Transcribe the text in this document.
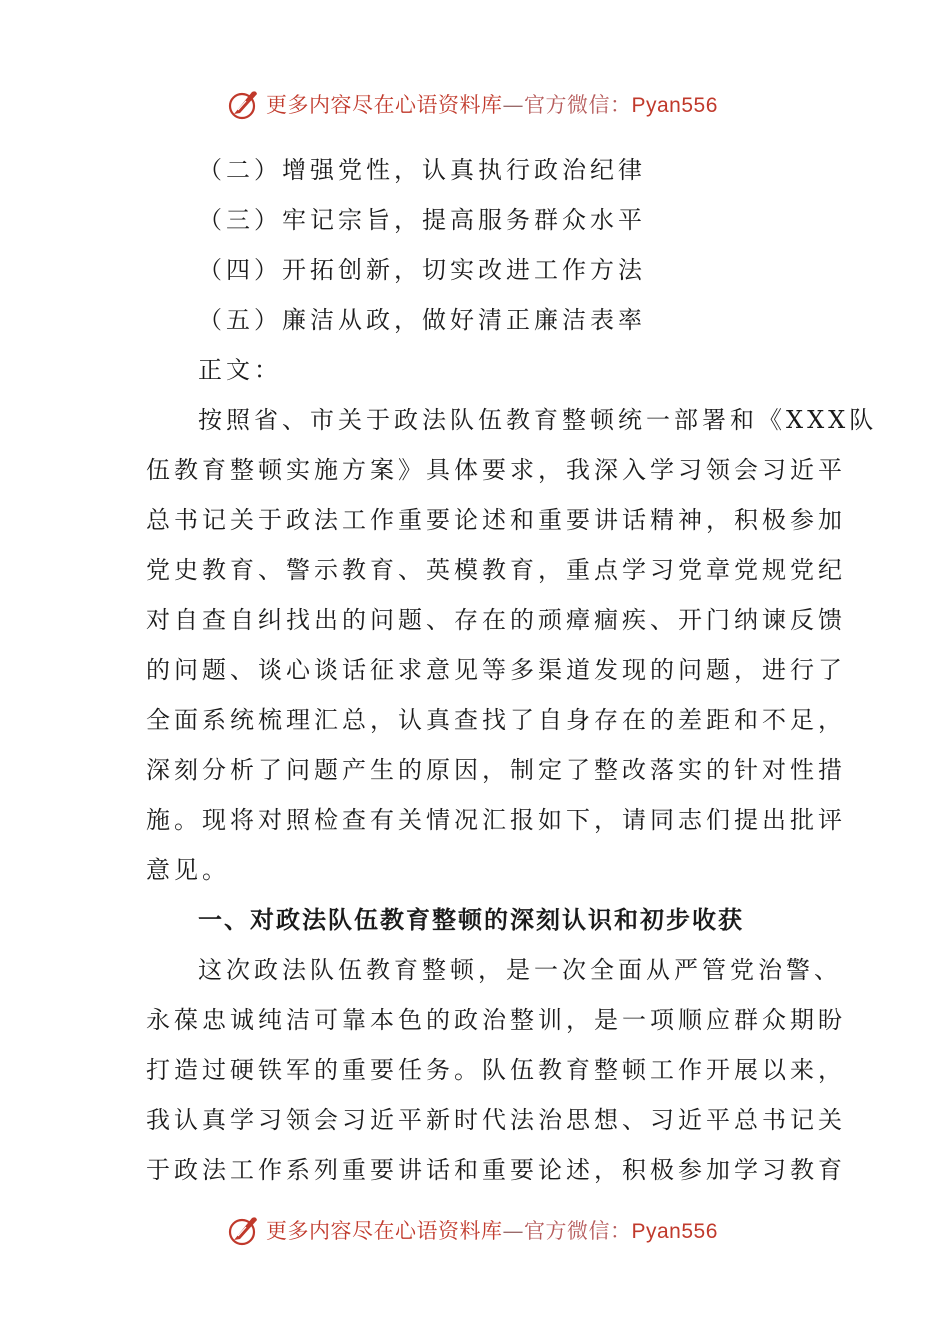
更多内容尽在心语资料库—官方微信：Pyan556
（二）增强党性，认真执行政治纪律
（三）牢记宗旨，提高服务群众水平
（四）开拓创新，切实改进工作方法
（五）廉洁从政，做好清正廉洁表率
正文：
按照省、市关于政法队伍教育整顿统一部署和《XXX队
伍教育整顿实施方案》具体要求，我深入学习领会习近平
总书记关于政法工作重要论述和重要讲话精神，积极参加
党史教育、警示教育、英模教育，重点学习党章党规党纪
对自查自纠找出的问题、存在的顽瘴痼疾、开门纳谏反馈
的问题、谈心谈话征求意见等多渠道发现的问题，进行了
全面系统梳理汇总，认真查找了自身存在的差距和不足，
深刻分析了问题产生的原因，制定了整改落实的针对性措
施。现将对照检查有关情况汇报如下，请同志们提出批评
意见。
一、对政法队伍教育整顿的深刻认识和初步收获
这次政法队伍教育整顿，是一次全面从严管党治警、
永葆忠诚纯洁可靠本色的政治整训，是一项顺应群众期盼
打造过硬铁军的重要任务。队伍教育整顿工作开展以来，
我认真学习领会习近平新时代法治思想、习近平总书记关
于政法工作系列重要讲话和重要论述，积极参加学习教育
更多内容尽在心语资料库—官方微信：Pyan556
